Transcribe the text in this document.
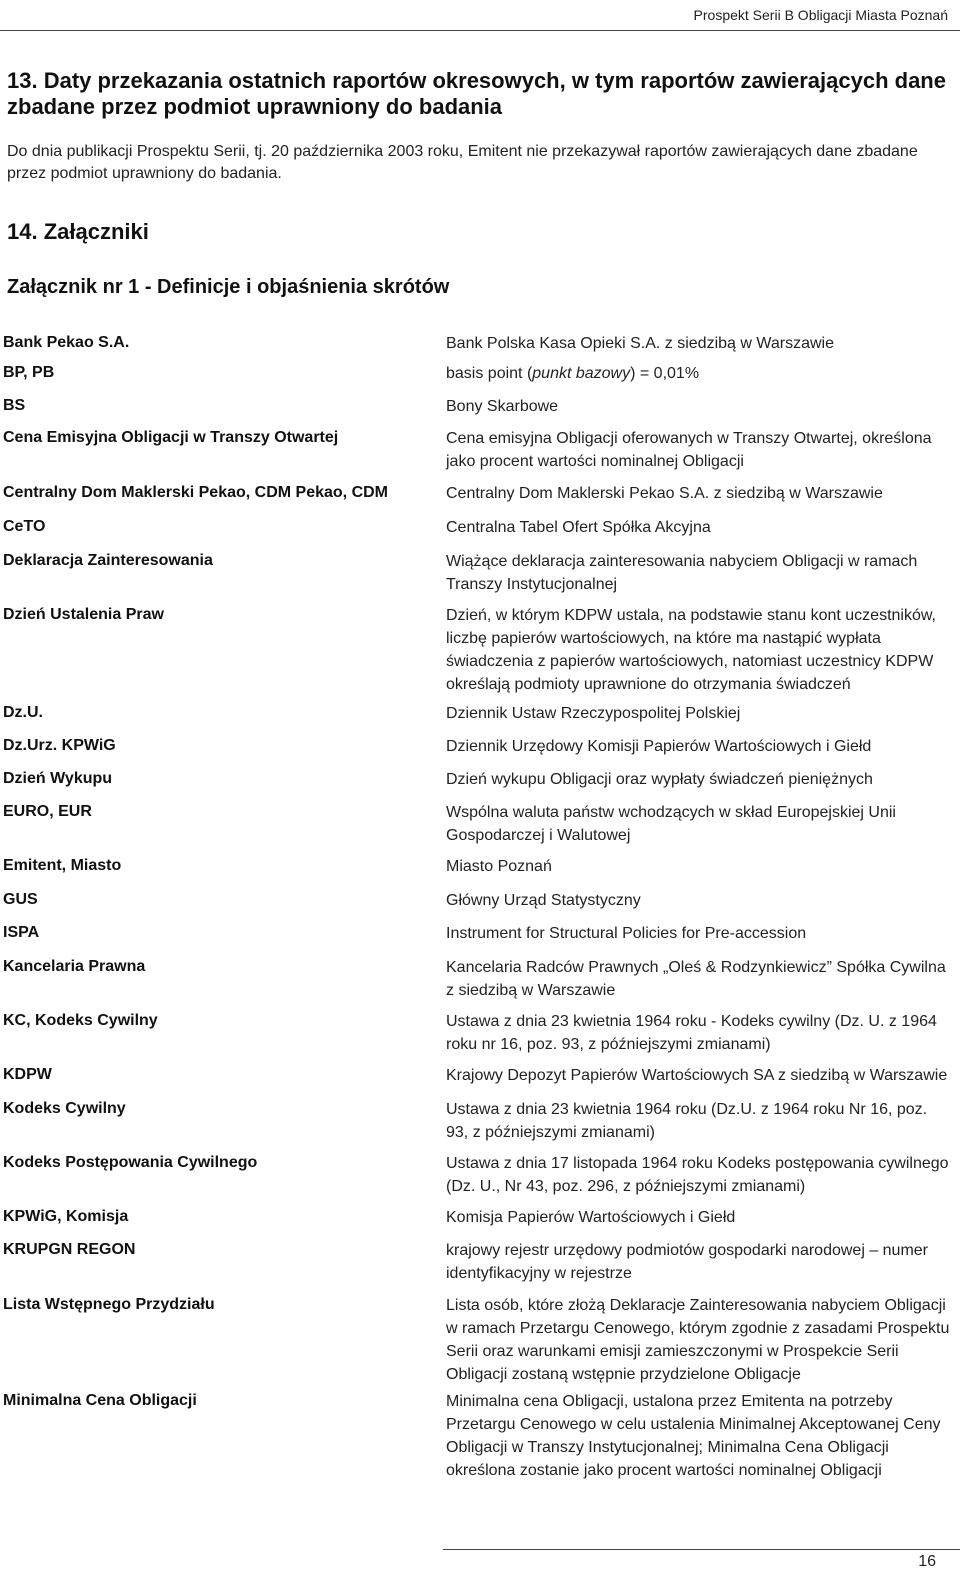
Prospekt Serii B Obligacji Miasta Poznań
13. Daty przekazania ostatnich raportów okresowych, w tym raportów zawierających dane zbadane przez podmiot uprawniony do badania

Do dnia publikacji Prospektu Serii, tj. 20 października 2003 roku, Emitent nie przekazywał raportów zawierających dane zbadane przez podmiot uprawniony do badania.

14. Załączniki
Załącznik nr 1 - Definicje i objaśnienia skrótów
Bank Pekao S.A.	Bank Polska Kasa Opieki S.A. z siedzibą w Warszawie
BP, PB	basis point (punkt bazowy) = 0,01%
BS	Bony Skarbowe
Cena Emisyjna Obligacji w Transzy Otwartej	Cena emisyjna Obligacji oferowanych w Transzy Otwartej, określona jako procent wartości nominalnej Obligacji
Centralny Dom Maklerski Pekao, CDM Pekao, CDM	Centralny Dom Maklerski Pekao S.A. z siedzibą w Warszawie
CeTO	Centralna Tabel Ofert Spółka Akcyjna
Deklaracja Zainteresowania	Wiążące deklaracja zainteresowania nabyciem Obligacji w ramach Transzy Instytucjonalnej
Dzień Ustalenia Praw	Dzień, w którym KDPW ustala, na podstawie stanu kont uczestników, liczbę papierów wartościowych, na które ma nastąpić wypłata świadczenia z papierów wartościowych, natomiast uczestnicy KDPW określają podmioty uprawnione do otrzymania świadczeń
Dz.U.	Dziennik Ustaw Rzeczypospolitej Polskiej
Dz.Urz. KPWiG	Dziennik Urzędowy Komisji Papierów Wartościowych i Giełd
Dzień Wykupu	Dzień wykupu Obligacji oraz wypłaty świadczeń pieniężnych
EURO, EUR	Wspólna waluta państw wchodzących w skład Europejskiej Unii Gospodarczej i Walutowej
Emitent, Miasto	Miasto Poznań
GUS	Główny Urząd Statystyczny
ISPA	Instrument for Structural Policies for Pre-accession
Kancelaria Prawna	Kancelaria Radców Prawnych „Oleś & Rodzynkiewicz” Spółka Cywilna z siedzibą w Warszawie
KC, Kodeks Cywilny	Ustawa z dnia 23 kwietnia 1964 roku - Kodeks cywilny (Dz. U. z 1964 roku nr 16, poz. 93, z późniejszymi zmianami)
KDPW	Krajowy Depozyt Papierów Wartościowych SA z siedzibą w Warszawie
Kodeks Cywilny	Ustawa z dnia 23 kwietnia 1964 roku (Dz.U. z 1964 roku Nr 16, poz. 93, z późniejszymi zmianami)
Kodeks Postępowania Cywilnego	Ustawa z dnia 17 listopada 1964 roku Kodeks postępowania cywilnego (Dz. U., Nr 43, poz. 296, z późniejszymi zmianami)
KPWiG, Komisja	Komisja Papierów Wartościowych i Giełd
KRUPGN REGON	krajowy rejestr urzędowy podmiotów gospodarki narodowej – numer identyfikacyjny w rejestrze
Lista Wstępnego Przydziału	Lista osób, które złożą Deklaracje Zainteresowania nabyciem Obligacji w ramach Przetargu Cenowego, którym zgodnie z zasadami Prospektu Serii oraz warunkami emisji zamieszczonymi w Prospekcie Serii Obligacji zostaną wstępnie przydzielone Obligacje
Minimalna Cena Obligacji	Minimalna cena Obligacji, ustalona przez Emitenta na potrzeby Przetargu Cenowego w celu ustalenia Minimalnej Akceptowanej Ceny Obligacji w Transzy Instytucjonalnej; Minimalna Cena Obligacji określona zostanie jako procent wartości nominalnej Obligacji
16
